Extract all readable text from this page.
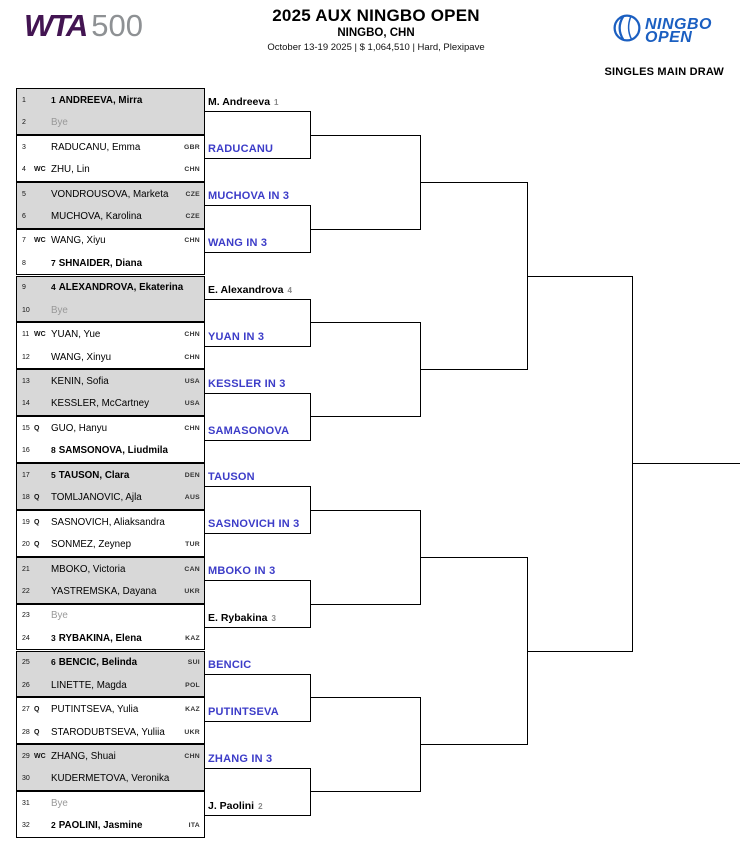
WTA 500	2025 AUX NINGBO OPEN
NINGBO, CHN
October 13-19 2025 | $ 1,064,510 | Hard, Plexipave
NINGBO
OPEN
SINGLES MAIN DRAW
1	1 ANDREEVA, Mirra
2	Bye
3	RADUCANU, Emma	GBR
4	WC ZHU, Lin	CHN
5	VONDROUSOVA, Marketa	CZE
6	MUCHOVA, Karolina	CZE
7	WC WANG, Xiyu	CHN
8	7 SHNAIDER, Diana
9	4 ALEXANDROVA, Ekaterina
10	Bye
11 WC YUAN, Yue	CHN
12	WANG, Xinyu	CHN
13	KENIN, Sofia	USA
14	KESSLER, McCartney	USA
15 Q	GUO, Hanyu	CHN
16	8 SAMSONOVA, Liudmila
17	5 TAUSON, Clara	DEN
18 Q	TOMLJANOVIC, Ajla	AUS
19 Q	SASNOVICH, Aliaksandra
20 Q	SONMEZ, Zeynep	TUR
21	MBOKO, Victoria	CAN
22	YASTREMSKA, Dayana	UKR
23	Bye
24	3 RYBAKINA, Elena	KAZ
25	6 BENCIC, Belinda	SUI
26	LINETTE, Magda	POL
27 Q	PUTINTSEVA, Yulia	KAZ
28 Q	STARODUBTSEVA, Yuliia	UKR
29 WC ZHANG, Shuai	CHN
30	KUDERMETOVA, Veronika
31	Bye
32	2 PAOLINI, Jasmine	ITA
M. Andreeva 1
RADUCANU
MUCHOVA IN 3
WANG IN 3
E. Alexandrova 4
YUAN IN 3
KESSLER IN 3
SAMASONOVA
TAUSON
SASNOVICH IN 3
MBOKO IN 3
E. Rybakina 3
BENCIC
PUTINTSEVA
ZHANG IN 3
J. Paolini 2
